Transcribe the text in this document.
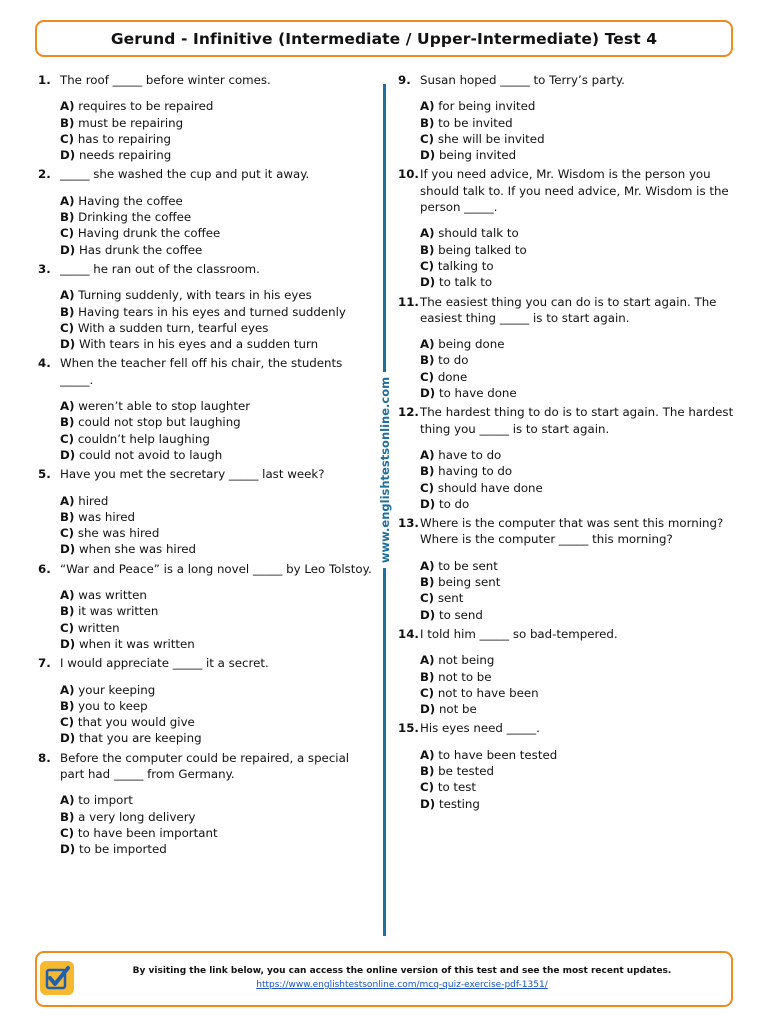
Gerund - Infinitive (Intermediate / Upper-Intermediate) Test 4
1. The roof _____ before winter comes.
A) requires to be repaired
B) must be repairing
C) has to repairing
D) needs repairing
2. _____ she washed the cup and put it away.
A) Having the coffee
B) Drinking the coffee
C) Having drunk the coffee
D) Has drunk the coffee
3. _____ he ran out of the classroom.
A) Turning suddenly, with tears in his eyes
B) Having tears in his eyes and turned suddenly
C) With a sudden turn, tearful eyes
D) With tears in his eyes and a sudden turn
4. When the teacher fell off his chair, the students _____.
A) weren’t able to stop laughter
B) could not stop but laughing
C) couldn’t help laughing
D) could not avoid to laugh
5. Have you met the secretary _____ last week?
A) hired
B) was hired
C) she was hired
D) when she was hired
6. “War and Peace” is a long novel _____ by Leo Tolstoy.
A) was written
B) it was written
C) written
D) when it was written
7. I would appreciate _____ it a secret.
A) your keeping
B) you to keep
C) that you would give
D) that you are keeping
8. Before the computer could be repaired, a special part had _____ from Germany.
A) to import
B) a very long delivery
C) to have been important
D) to be imported
www.englishtestsonline.com
9. Susan hoped _____ to Terry’s party.
A) for being invited
B) to be invited
C) she will be invited
D) being invited
10. If you need advice, Mr. Wisdom is the person you should talk to. If you need advice, Mr. Wisdom is the person _____.
A) should talk to
B) being talked to
C) talking to
D) to talk to
11. The easiest thing you can do is to start again. The easiest thing _____ is to start again.
A) being done
B) to do
C) done
D) to have done
12. The hardest thing to do is to start again. The hardest thing you _____ is to start again.
A) have to do
B) having to do
C) should have done
D) to do
13. Where is the computer that was sent this morning? Where is the computer _____ this morning?
A) to be sent
B) being sent
C) sent
D) to send
14. I told him _____ so bad-tempered.
A) not being
B) not to be
C) not to have been
D) not be
15. His eyes need _____.
A) to have been tested
B) be tested
C) to test
D) testing
By visiting the link below, you can access the online version of this test and see the most recent updates.
https://www.englishtestsonline.com/mcq-quiz-exercise-pdf-1351/
